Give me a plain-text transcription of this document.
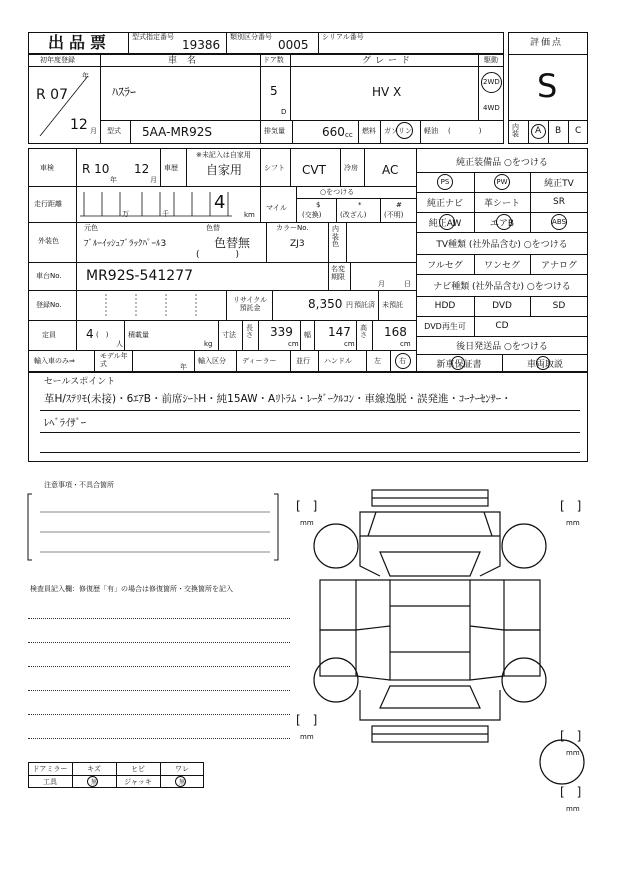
出品票	型式指定番号
19386
類別区分番号
0005
シリアル番号
評価点
S
初年度登録
年
R 07
12 月
車名
ﾊｽﾗｰ
ドア数
5
D
グレード
HV X
駆動
2WD
4WD
型式 5AA-MR92S	排気量	660 cc 燃料 ガソリン 軽油 (　　　　)	内装 A B C
車検 R 10
年
12
月
車歴
※未記入は自家用
自家用	シフト CVT	冷房 AC
走行距離
万	千
4
km
マイル
○をつける
$
(交換)
*
(改ざん)
#
(不明)
外装色
元色
ﾌﾞﾙｰｲｯｼｭﾌﾞﾗｯｸﾊﾟｰﾙ3
色替
色替無
(　　　　)
カラーNo.
ZJ3
内装色
車台No. MR92S-541277	名変期限
月	日
登録No.
リサイクル預託金	8,350 円 預託済 未預託
定員	4 (　)
人
積載量
kg
寸法
長さ 339
cm
幅 147
cm
高さ 168
cm
輸入車のみ⇒
モデル年式	年
輸入区分 ディーラー	並行 ハンドル	左	右
純正装備品 ○をつける
PS	PW	純正TV
純正ナビ	革シート	SR
純正AW	エアB	ABS
TV種類 (社外品含む) ○をつける
フルセグ	ワンセグ	アナログ
ナビ種類 (社外品含む) ○をつける
HDD	DVD	SD
DVD再生可	CD
後日発送品 ○をつける
新車保証書	車両取説
セールスポイント
革H/ｽﾃﾘﾓ(未接)・6ｴｱB・前席ｼｰﾄH・純15AW・Aﾘﾄﾗﾑ・ﾚｰﾀﾞｰｸﾙｺﾝ・車線逸脱・誤発進・ｺｰﾅｰｾﾝｻｰ・
ﾚﾍﾞﾗｲｻﾞｰ
注意事項・不具合箇所
検査員記入欄：修復歴「有」の場合は修復箇所・交換箇所を記入
ドアミラー	キズ	ヒビ	ワレ
工具	無	ジャッキ	無
[　]
mm
[　]
mm
[　]
mm	[　]
mm
[　]
mm
